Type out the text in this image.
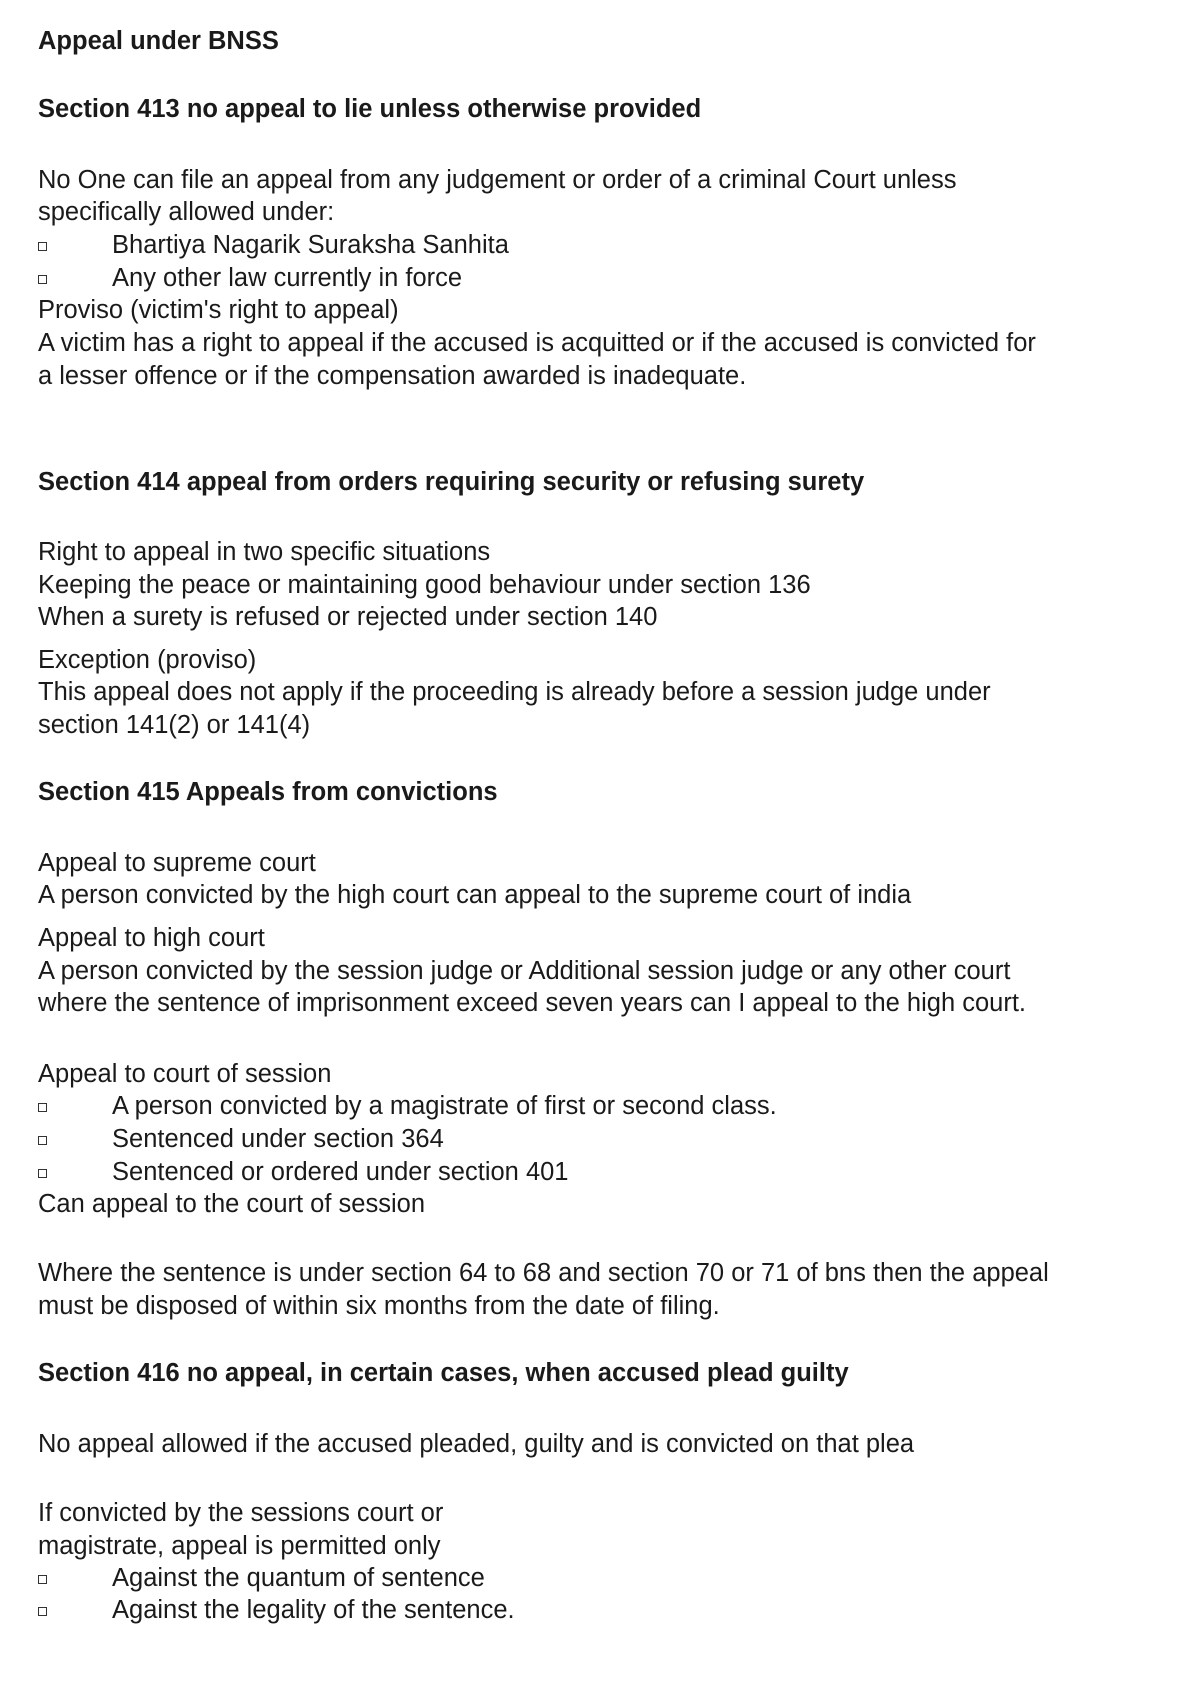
Appeal under BNSS

Section 413 no appeal to lie unless otherwise provided

No One can file an appeal from any judgement or order of a criminal Court unless

specifically allowed under:

Bhartiya Nagarik Suraksha Sanhita
Any other law currently in force

Proviso (victim's right to appeal)

A victim has a right to appeal if the accused is acquitted or if the accused is convicted for

a lesser offence or if the compensation awarded is inadequate.

Section 414 appeal from orders requiring security or refusing surety

Right to appeal in two specific situations

Keeping the peace or maintaining good behaviour under section 136

When a surety is refused or rejected under section 140

Exception (proviso)

This appeal does not apply if the proceeding is already before a session judge under

section 141(2) or 141(4)

Section 415 Appeals from convictions

Appeal to supreme court

A person convicted by the high court can appeal to the supreme court of india

Appeal to high court

A person convicted by the session judge or Additional session judge or any other court

where the sentence of imprisonment exceed seven years can I appeal to the high court.

Appeal to court of session

A person convicted by a magistrate of first or second class.
Sentenced under section 364
Sentenced or ordered under section 401

Can appeal to the court of session

Where the sentence is under section 64 to 68 and section 70 or 71 of bns then the appeal

must be disposed of within six months from the date of filing.

Section 416 no appeal, in certain cases, when accused plead guilty

No appeal allowed if the accused pleaded, guilty and is convicted on that plea

If convicted by the sessions court or

magistrate, appeal is permitted only

Against the quantum of sentence
Against the legality of the sentence.
